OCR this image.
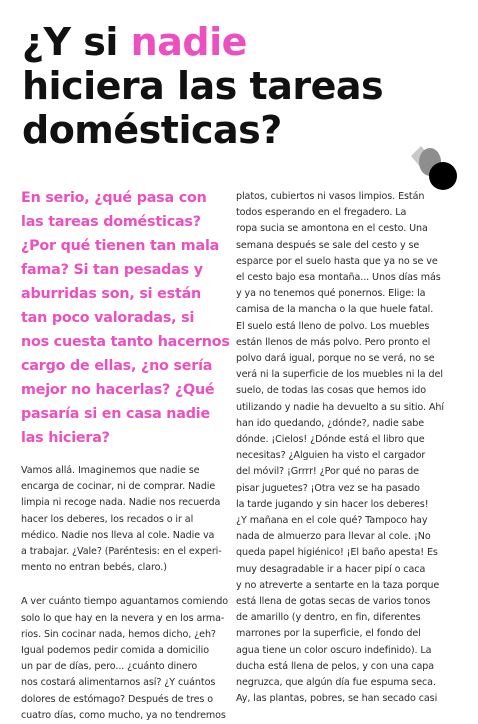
¿Y si nadie
hiciera las tareas
domésticas?

En serio, ¿qué pasa con
las tareas domésticas?
¿Por qué tienen tan mala
fama? Si tan pesadas y
aburridas son, si están
tan poco valoradas, si
nos cuesta tanto hacernos
cargo de ellas, ¿no sería
mejor no hacerlas? ¿Qué
pasaría si en casa nadie
las hiciera?

Vamos allá. Imaginemos que nadie se
encarga de cocinar, ni de comprar. Nadie
limpia ni recoge nada. Nadie nos recuerda
hacer los deberes, los recados o ir al
médico. Nadie nos lleva al cole. Nadie va
a trabajar. ¿Vale? (Paréntesis: en el experi-
mento no entran bebés, claro.)

A ver cuánto tiempo aguantamos comiendo
solo lo que hay en la nevera y en los arma-
rios. Sin cocinar nada, hemos dicho, ¿eh?
Igual podemos pedir comida a domicilio
un par de días, pero... ¿cuánto dinero
nos costará alimentarnos así? ¿Y cuántos
dolores de estómago? Después de tres o
cuatro días, como mucho, ya no tendremos

platos, cubiertos ni vasos limpios. Están
todos esperando en el fregadero. La
ropa sucia se amontona en el cesto. Una
semana después se sale del cesto y se
esparce por el suelo hasta que ya no se ve
el cesto bajo esa montaña... Unos días más
y ya no tenemos qué ponernos. Elige: la
camisa de la mancha o la que huele fatal.
El suelo está lleno de polvo. Los muebles
están llenos de más polvo. Pero pronto el
polvo dará igual, porque no se verá, no se
verá ni la superficie de los muebles ni la del
suelo, de todas las cosas que hemos ido
utilizando y nadie ha devuelto a su sitio. Ahí
han ido quedando, ¿dónde?, nadie sabe
dónde. ¡Cielos! ¿Dónde está el libro que
necesitas? ¿Alguien ha visto el cargador
del móvil? ¡Grrrr! ¿Por qué no paras de
pisar juguetes? ¡Otra vez se ha pasado
la tarde jugando y sin hacer los deberes!
¿Y mañana en el cole qué? Tampoco hay
nada de almuerzo para llevar al cole. ¡No
queda papel higiénico! ¡El baño apesta! Es
muy desagradable ir a hacer pipí o caca
y no atreverte a sentarte en la taza porque
está llena de gotas secas de varios tonos
de amarillo (y dentro, en fin, diferentes
marrones por la superficie, el fondo del
agua tiene un color oscuro indefinido). La
ducha está llena de pelos, y con una capa
negruzca, que algún día fue espuma seca.
Ay, las plantas, pobres, se han secado casi
